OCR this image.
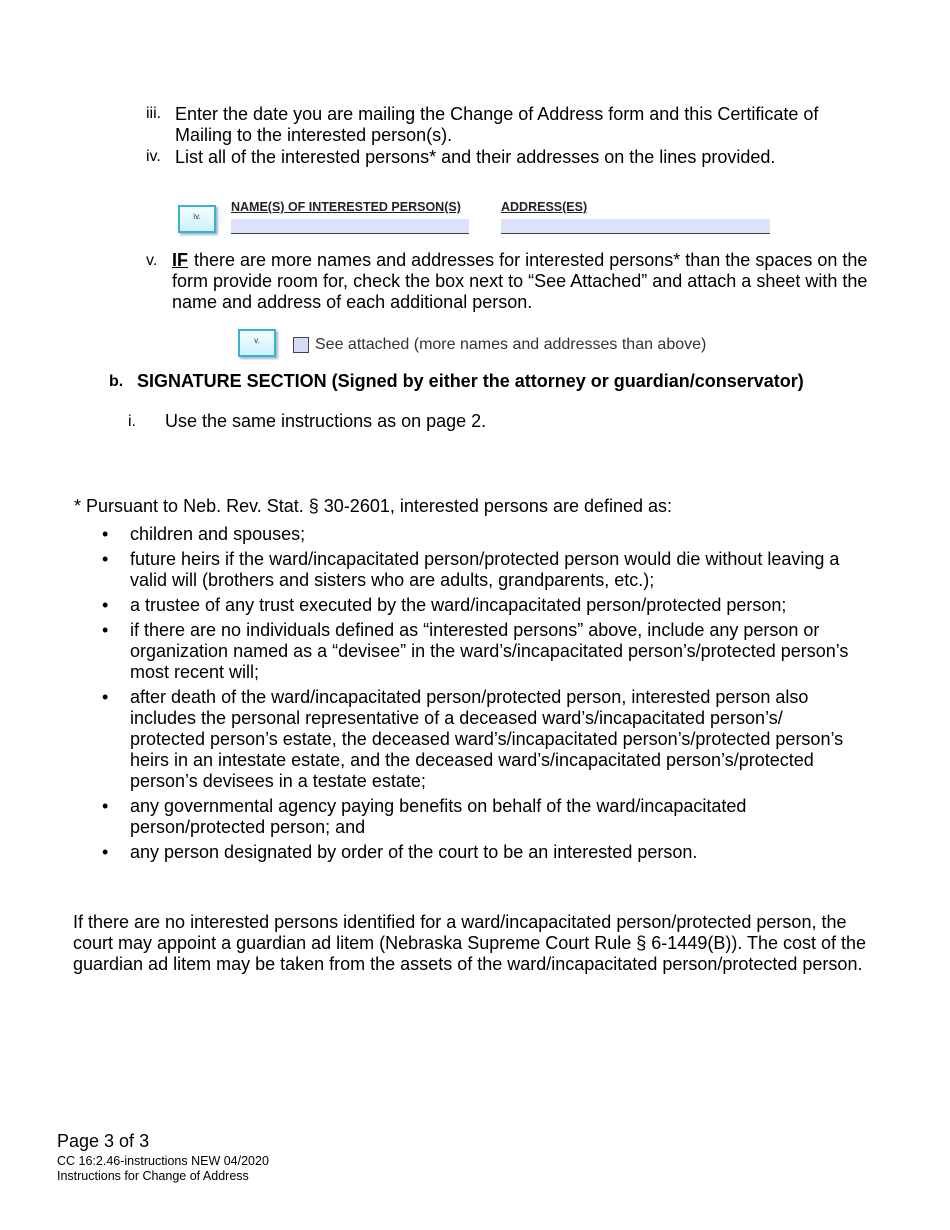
iii. Enter the date you are mailing the Change of Address form and this Certificate of Mailing to the interested person(s).
iv. List all of the interested persons* and their addresses on the lines provided.
iv.
NAME(S) OF INTERESTED PERSON(S)	ADDRESS(ES)
v. IF there are more names and addresses for interested persons* than the spaces on the form provide room for, check the box next to “See Attached” and attach a sheet with the name and address of each additional person.
v.	See attached (more names and addresses than above)
b. SIGNATURE SECTION (Signed by either the attorney or guardian/conservator)
i. Use the same instructions as on page 2.
* Pursuant to Neb. Rev. Stat. § 30-2601, interested persons are defined as:
• children and spouses;
• future heirs if the ward/incapacitated person/protected person would die without leaving a valid will (brothers and sisters who are adults, grandparents, etc.);
• a trustee of any trust executed by the ward/incapacitated person/protected person;
• if there are no individuals defined as “interested persons” above, include any person or organization named as a “devisee” in the ward’s/incapacitated person’s/protected person’s most recent will;
• after death of the ward/incapacitated person/protected person, interested person also includes the personal representative of a deceased ward’s/incapacitated person’s/ protected person’s estate, the deceased ward’s/incapacitated person’s/protected person’s heirs in an intestate estate, and the deceased ward’s/incapacitated person’s/protected person’s devisees in a testate estate;
• any governmental agency paying benefits on behalf of the ward/incapacitated person/protected person; and
• any person designated by order of the court to be an interested person.
If there are no interested persons identified for a ward/incapacitated person/protected person, the court may appoint a guardian ad litem (Nebraska Supreme Court Rule § 6-1449(B)). The cost of the guardian ad litem may be taken from the assets of the ward/incapacitated person/protected person.
Page 3 of 3
CC 16:2.46-instructions NEW 04/2020
Instructions for Change of Address
